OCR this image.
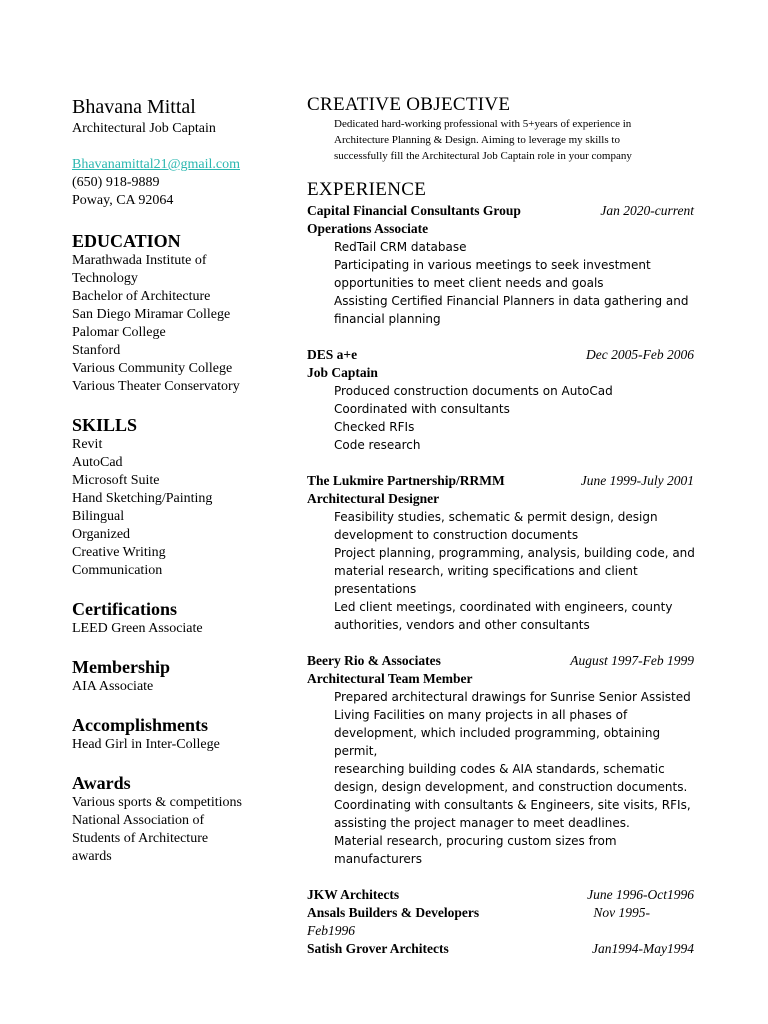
Bhavana Mittal
Architectural Job Captain
Bhavanamittal21@gmail.com
(650) 918-9889
Poway, CA 92064
EDUCATION
Marathwada Institute of
Technology
Bachelor of Architecture
San Diego Miramar College
Palomar College
Stanford
Various Community College
Various Theater Conservatory
SKILLS
Revit
AutoCad
Microsoft Suite
Hand Sketching/Painting
Bilingual
Organized
Creative Writing
Communication
Certifications
LEED Green Associate
Membership
AIA Associate
Accomplishments
Head Girl in Inter-College
Awards
Various sports & competitions
National Association of
Students of Architecture
awards
CREATIVE OBJECTIVE
Dedicated hard-working professional with 5+years of experience in
Architecture Planning & Design. Aiming to leverage my skills to
successfully fill the Architectural Job Captain role in your company
EXPERIENCE
Capital Financial Consultants Group	Jan 2020-current
Operations Associate
RedTail CRM database
Participating in various meetings to seek investment
opportunities to meet client needs and goals
Assisting Certified Financial Planners in data gathering and
financial planning
DES a+e	Dec 2005-Feb 2006
Job Captain
Produced construction documents on AutoCad
Coordinated with consultants
Checked RFIs
Code research
The Lukmire Partnership/RRMM	June 1999-July 2001
Architectural Designer
Feasibility studies, schematic & permit design, design
development to construction documents
Project planning, programming, analysis, building code, and
material research, writing specifications and client
presentations
Led client meetings, coordinated with engineers, county
authorities, vendors and other consultants
Beery Rio & Associates	August 1997-Feb 1999
Architectural Team Member
Prepared architectural drawings for Sunrise Senior Assisted
Living Facilities on many projects in all phases of
development, which included programming, obtaining permit,
researching building codes & AIA standards, schematic
design, design development, and construction documents.
Coordinating with consultants & Engineers, site visits, RFIs,
assisting the project manager to meet deadlines.
Material research, procuring custom sizes from manufacturers
JKW Architects	June 1996-Oct1996
Ansals Builders & Developers	Nov 1995-
Feb1996
Satish Grover Architects	Jan1994-May1994
